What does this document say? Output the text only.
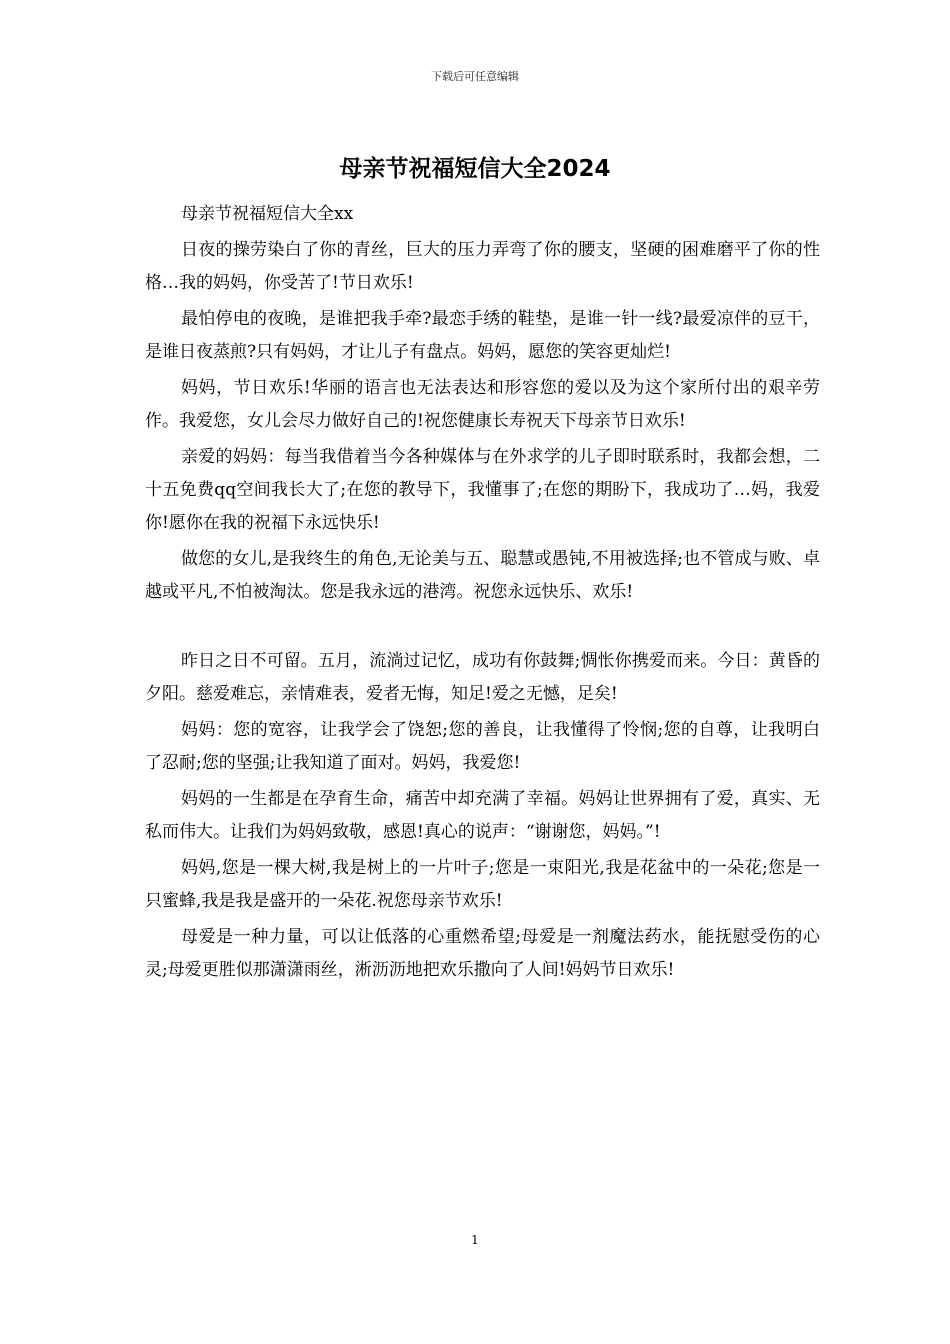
下载后可任意编辑
母亲节祝福短信大全2024

母亲节祝福短信大全xx

日夜的操劳染白了你的青丝，巨大的压力弄弯了你的腰支，坚硬的困难磨平了你的性格…我的妈妈，你受苦了!节日欢乐!

最怕停电的夜晚，是谁把我手牵?最恋手绣的鞋垫，是谁一针一线?最爱凉伴的豆干，是谁日夜蒸煎?只有妈妈，才让儿子有盘点。妈妈，愿您的笑容更灿烂!

妈妈，节日欢乐!华丽的语言也无法表达和形容您的爱以及为这个家所付出的艰辛劳作。我爱您，女儿会尽力做好自己的!祝您健康长寿祝天下母亲节日欢乐!

亲爱的妈妈：每当我借着当今各种媒体与在外求学的儿子即时联系时，我都会想，二十五免费qq空间我长大了;在您的教导下，我懂事了;在您的期盼下，我成功了…妈，我爱你!愿你在我的祝福下永远快乐!

做您的女儿,是我终生的角色,无论美与五、聪慧或愚钝,不用被选择;也不管成与败、卓越或平凡,不怕被淘汰。您是我永远的港湾。祝您永远快乐、欢乐!

昨日之日不可留。五月，流淌过记忆，成功有你鼓舞;惆怅你携爱而来。今日：黄昏的夕阳。慈爱难忘，亲情难表，爱者无悔，知足!爱之无憾，足矣!

妈妈：您的宽容，让我学会了饶恕;您的善良，让我懂得了怜悯;您的自尊，让我明白了忍耐;您的坚强;让我知道了面对。妈妈，我爱您!

妈妈的一生都是在孕育生命，痛苦中却充满了幸福。妈妈让世界拥有了爱，真实、无私而伟大。让我们为妈妈致敬，感恩!真心的说声：“谢谢您，妈妈。”!

妈妈,您是一棵大树,我是树上的一片叶子;您是一束阳光,我是花盆中的一朵花;您是一只蜜蜂,我是我是盛开的一朵花.祝您母亲节欢乐!

母爱是一种力量，可以让低落的心重燃希望;母爱是一剂魔法药水，能抚慰受伤的心灵;母爱更胜似那潇潇雨丝，淅沥沥地把欢乐撒向了人间!妈妈节日欢乐!

1
